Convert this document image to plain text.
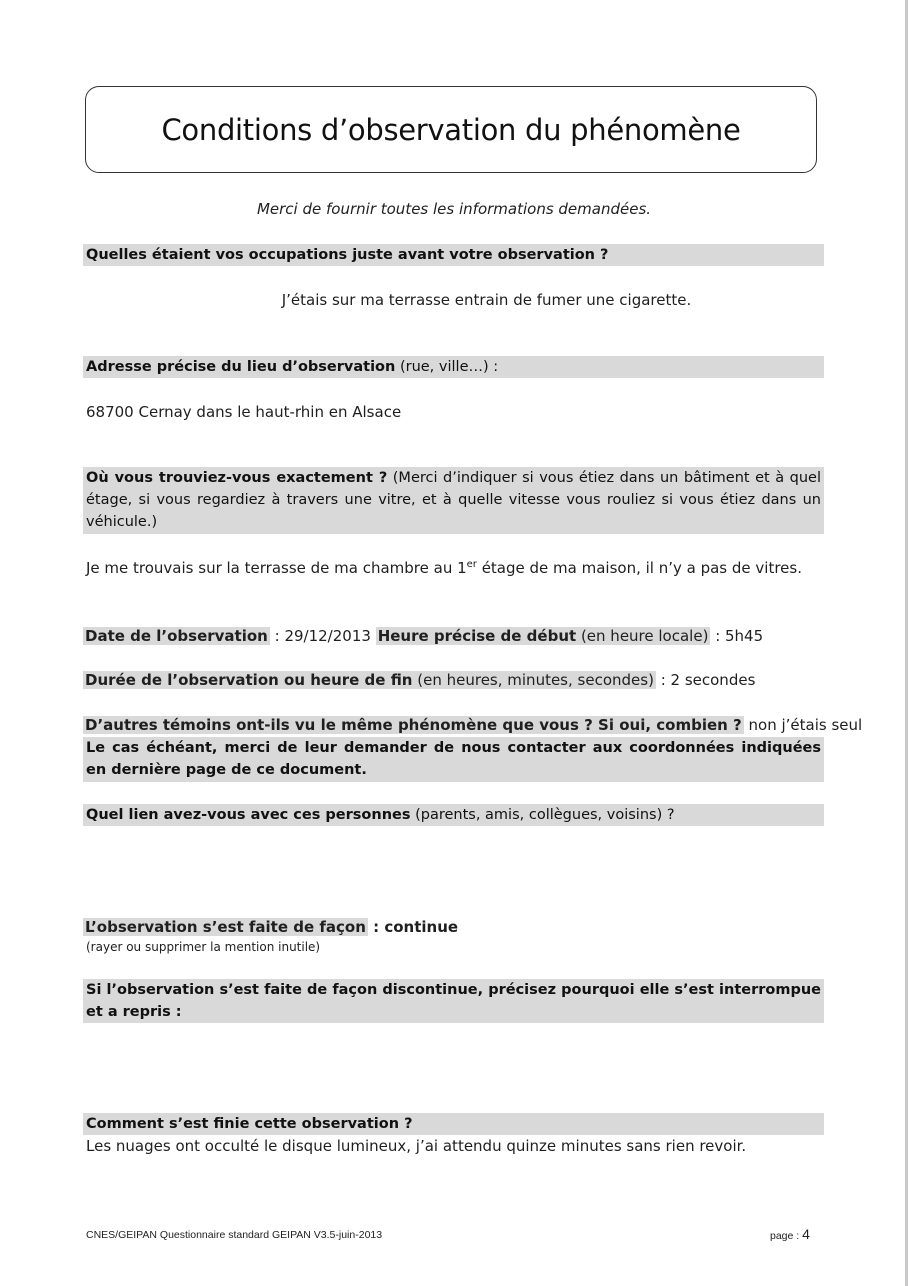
Conditions d’observation du phénomène
Merci de fournir toutes les informations demandées.
Quelles étaient vos occupations juste avant votre observation ?
J’étais sur ma terrasse entrain de fumer une cigarette.
Adresse précise du lieu d’observation (rue, ville…) :
68700 Cernay dans le haut-rhin en Alsace
Où vous trouviez-vous exactement ? (Merci d’indiquer si vous étiez dans un bâtiment et à quel étage, si vous regardiez à travers une vitre, et à quelle vitesse vous rouliez si vous étiez dans un véhicule.)
Je me trouvais sur la terrasse de ma chambre au 1er étage de ma maison, il n’y a pas de vitres.
Date de l’observation : 29/12/2013 Heure précise de début (en heure locale) : 5h45
Durée de l’observation ou heure de fin (en heures, minutes, secondes) : 2 secondes
D’autres témoins ont-ils vu le même phénomène que vous ? Si oui, combien ? non j’étais seul
Le cas échéant, merci de leur demander de nous contacter aux coordonnées indiquées en dernière page de ce document.
Quel lien avez-vous avec ces personnes (parents, amis, collègues, voisins) ?
L’observation s’est faite de façon : continue
(rayer ou supprimer la mention inutile)
Si l’observation s’est faite de façon discontinue, précisez pourquoi elle s’est interrompue et a repris :
Comment s’est finie cette observation ?
Les nuages ont occulté le disque lumineux, j’ai attendu quinze minutes sans rien revoir.
CNES/GEIPAN Questionnaire standard GEIPAN V3.5-juin-2013	page : 4
